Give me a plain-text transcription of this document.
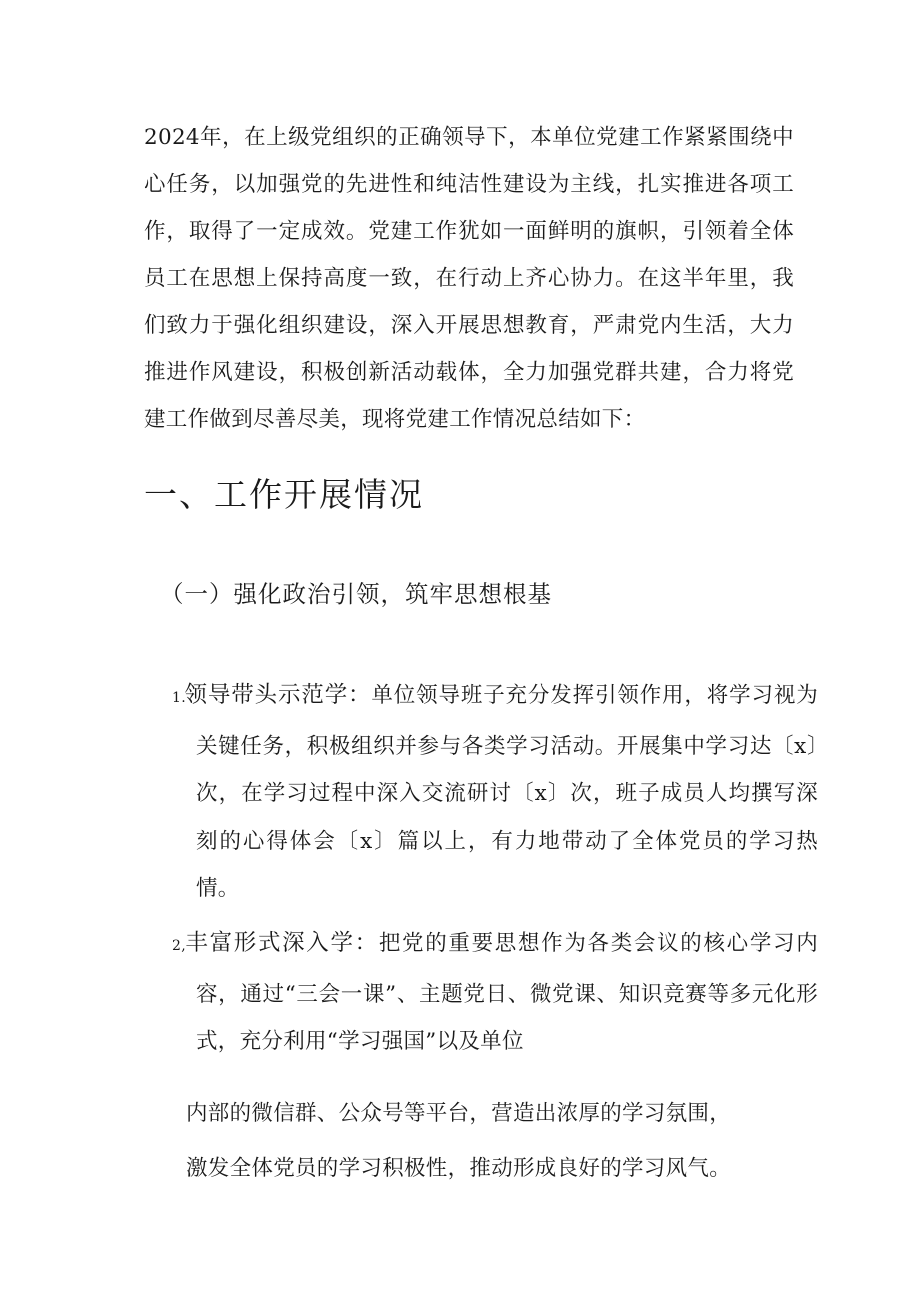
2024年，在上级党组织的正确领导下，本单位党建工作紧紧围绕中心任务，以加强党的先进性和纯洁性建设为主线，扎实推进各项工作，取得了一定成效。党建工作犹如一面鲜明的旗帜，引领着全体员工在思想上保持高度一致，在行动上齐心协力。在这半年里，我们致力于强化组织建设，深入开展思想教育，严肃党内生活，大力推进作风建设，积极创新活动载体，全力加强党群共建，合力将党建工作做到尽善尽美，现将党建工作情况总结如下：

一、工作开展情况
（一）强化政治引领，筑牢思想根基

1.领导带头示范学：单位领导班子充分发挥引领作用，将学习视为关键任务，积极组织并参与各类学习活动。开展集中学习达〔x〕次，在学习过程中深入交流研讨〔x〕次，班子成员人均撰写深刻的心得体会〔x〕篇以上，有力地带动了全体党员的学习热情。

2,丰富形式深入学：把党的重要思想作为各类会议的核心学习内容，通过“三会一课”、主题党日、微党课、知识竞赛等多元化形式，充分利用“学习强国”以及单位

内部的微信群、公众号等平台，营造出浓厚的学习氛围，
激发全体党员的学习积极性，推动形成良好的学习风气。
